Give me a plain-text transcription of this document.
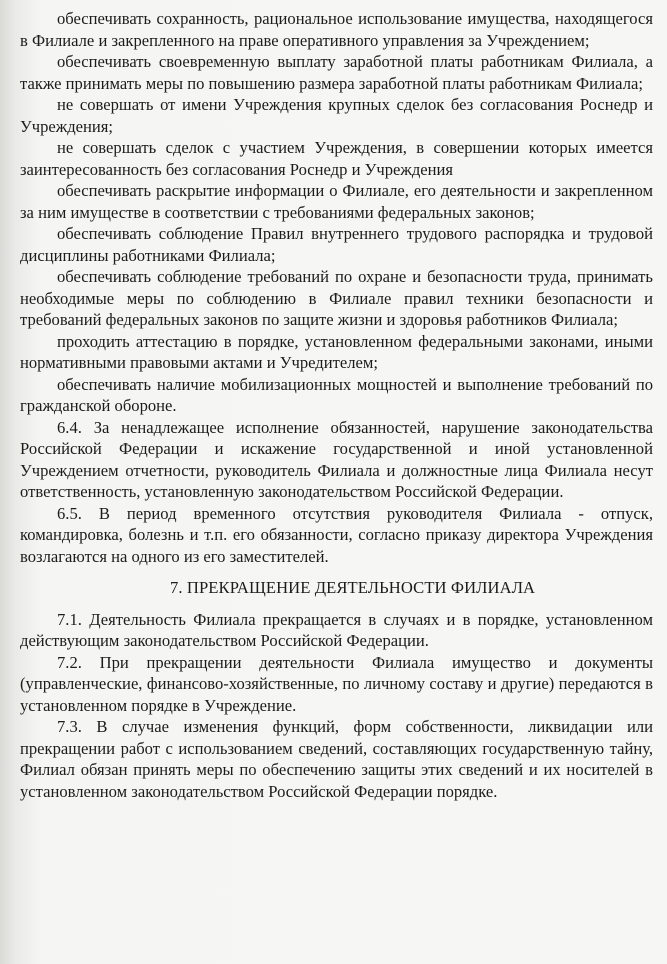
обеспечивать сохранность, рациональное использование имущества, находящегося в Филиале и закрепленного на праве оперативного управления за Учреждением;

обеспечивать своевременную выплату заработной платы работникам Филиала, а также принимать меры по повышению размера заработной платы работникам Филиала;

не совершать от имени Учреждения крупных сделок без согласования Роснедр и Учреждения;

не совершать сделок с участием Учреждения, в совершении которых имеется заинтересованность без согласования Роснедр и Учреждения

обеспечивать раскрытие информации о Филиале, его деятельности и закрепленном за ним имуществе в соответствии с требованиями федеральных законов;

обеспечивать соблюдение Правил внутреннего трудового распорядка и трудовой дисциплины работниками Филиала;

обеспечивать соблюдение требований по охране и безопасности труда, принимать необходимые меры по соблюдению в Филиале правил техники безопасности и требований федеральных законов по защите жизни и здоровья работников Филиала;

проходить аттестацию в порядке, установленном федеральными законами, иными нормативными правовыми актами и Учредителем;

обеспечивать наличие мобилизационных мощностей и выполнение требований по гражданской обороне.

6.4. За ненадлежащее исполнение обязанностей, нарушение законодательства Российской Федерации и искажение государственной и иной установленной Учреждением отчетности, руководитель Филиала и должностные лица Филиала несут ответственность, установленную законодательством Российской Федерации.

6.5. В период временного отсутствия руководителя Филиала - отпуск, командировка, болезнь и т.п. его обязанности, согласно приказу директора Учреждения возлагаются на одного из его заместителей.

7. ПРЕКРАЩЕНИЕ ДЕЯТЕЛЬНОСТИ ФИЛИАЛА

7.1. Деятельность Филиала прекращается в случаях и в порядке, установленном действующим законодательством Российской Федерации.

7.2. При прекращении деятельности Филиала имущество и документы (управленческие, финансово-хозяйственные, по личному составу и другие) передаются в установленном порядке в Учреждение.

7.3. В случае изменения функций, форм собственности, ликвидации или прекращении работ с использованием сведений, составляющих государственную тайну, Филиал обязан принять меры по обеспечению защиты этих сведений и их носителей в установленном законодательством Российской Федерации порядке.
